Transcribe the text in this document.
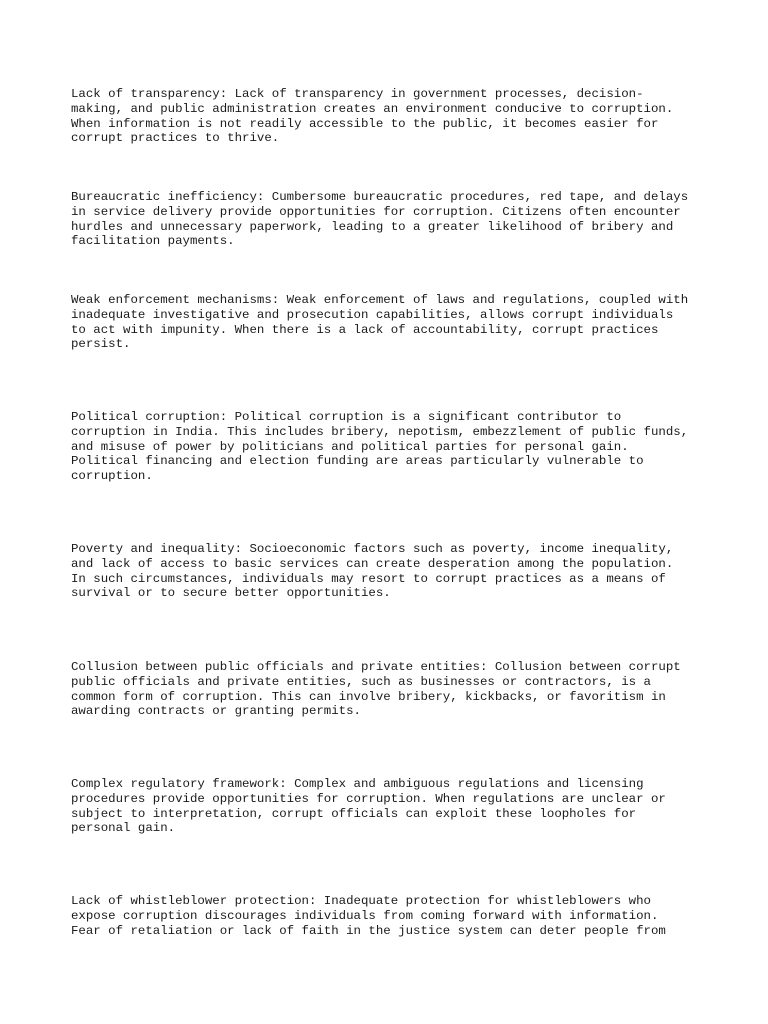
Lack of transparency: Lack of transparency in government processes, decision-
making, and public administration creates an environment conducive to corruption.
When information is not readily accessible to the public, it becomes easier for
corrupt practices to thrive.

Bureaucratic inefficiency: Cumbersome bureaucratic procedures, red tape, and delays
in service delivery provide opportunities for corruption. Citizens often encounter
hurdles and unnecessary paperwork, leading to a greater likelihood of bribery and
facilitation payments.

Weak enforcement mechanisms: Weak enforcement of laws and regulations, coupled with
inadequate investigative and prosecution capabilities, allows corrupt individuals
to act with impunity. When there is a lack of accountability, corrupt practices
persist.

Political corruption: Political corruption is a significant contributor to
corruption in India. This includes bribery, nepotism, embezzlement of public funds,
and misuse of power by politicians and political parties for personal gain.
Political financing and election funding are areas particularly vulnerable to
corruption.

Poverty and inequality: Socioeconomic factors such as poverty, income inequality,
and lack of access to basic services can create desperation among the population.
In such circumstances, individuals may resort to corrupt practices as a means of
survival or to secure better opportunities.

Collusion between public officials and private entities: Collusion between corrupt
public officials and private entities, such as businesses or contractors, is a
common form of corruption. This can involve bribery, kickbacks, or favoritism in
awarding contracts or granting permits.

Complex regulatory framework: Complex and ambiguous regulations and licensing
procedures provide opportunities for corruption. When regulations are unclear or
subject to interpretation, corrupt officials can exploit these loopholes for
personal gain.

Lack of whistleblower protection: Inadequate protection for whistleblowers who
expose corruption discourages individuals from coming forward with information.
Fear of retaliation or lack of faith in the justice system can deter people from
